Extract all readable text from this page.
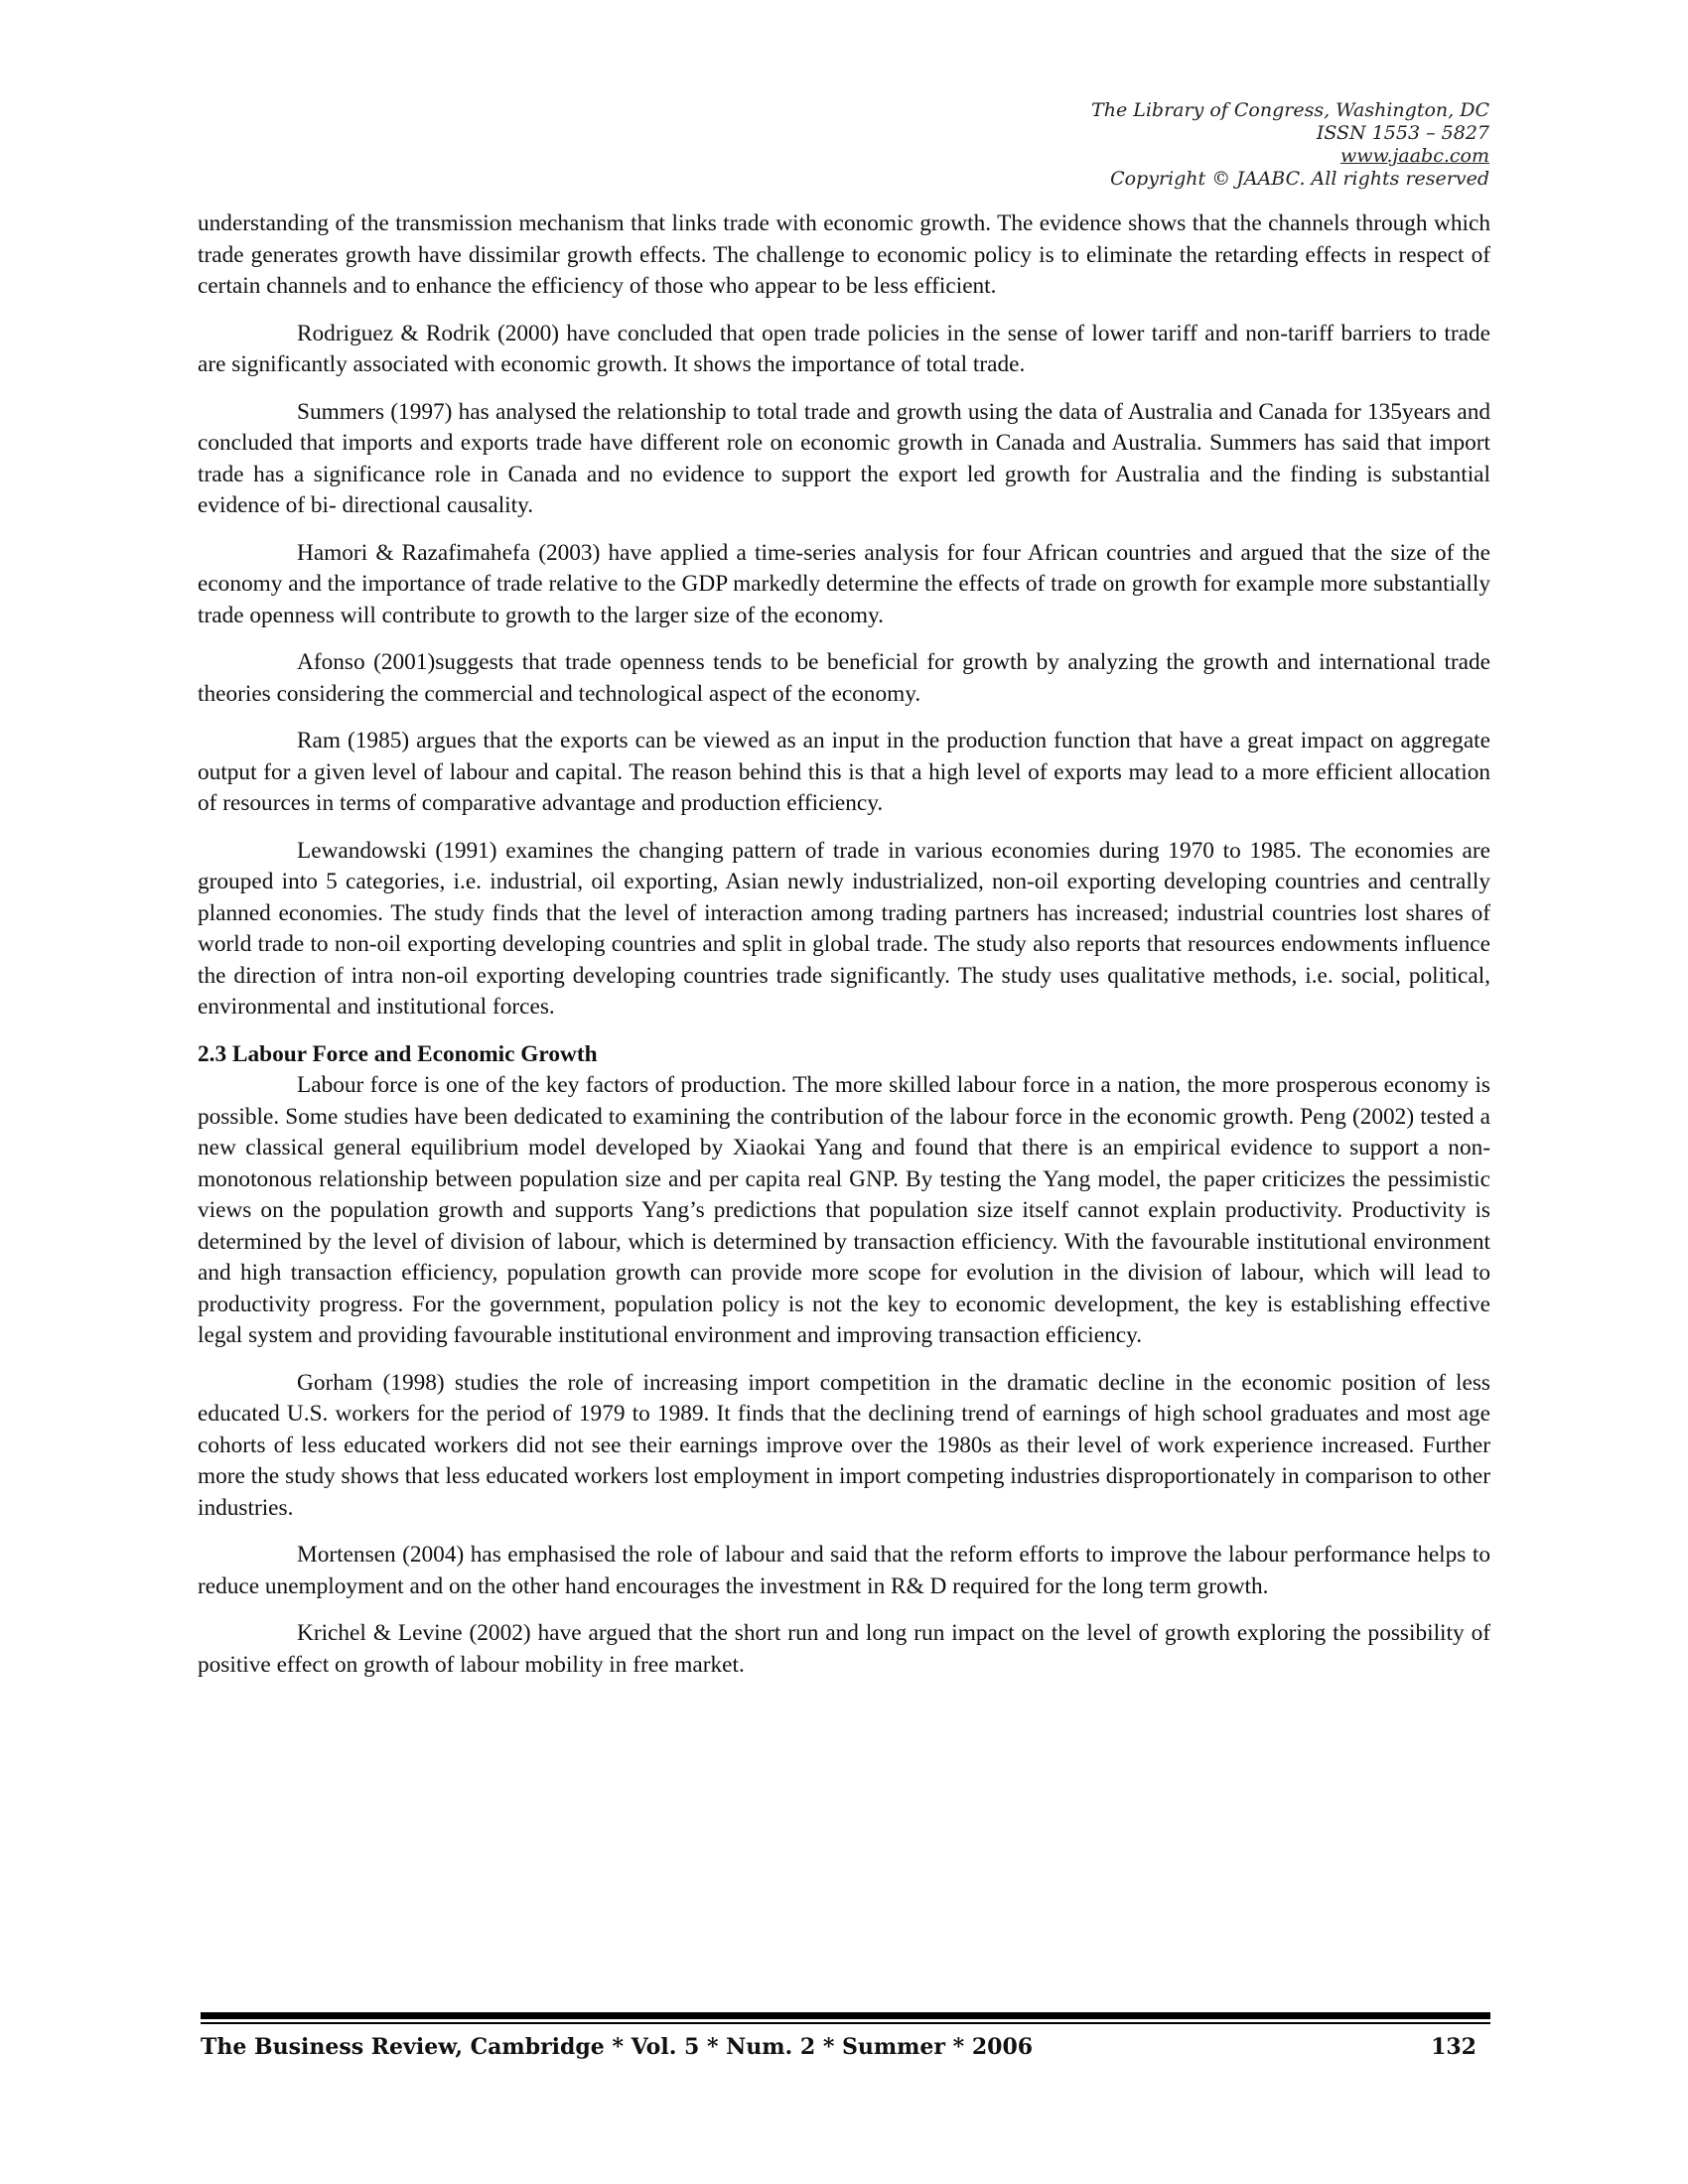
The Library of Congress, Washington, DC
ISSN 1553 – 5827
www.jaabc.com
Copyright © JAABC. All rights reserved

understanding of the transmission mechanism that links trade with economic growth. The evidence shows that the channels through which trade generates growth have dissimilar growth effects. The challenge to economic policy is to eliminate the retarding effects in respect of certain channels and to enhance the efficiency of those who appear to be less efficient.

Rodriguez & Rodrik (2000) have concluded that open trade policies in the sense of lower tariff and non-tariff barriers to trade are significantly associated with economic growth. It shows the importance of total trade.

Summers (1997) has analysed the relationship to total trade and growth using the data of Australia and Canada for 135years and concluded that imports and exports trade have different role on economic growth in Canada and Australia. Summers has said that import trade has a significance role in Canada and no evidence to support the export led growth for Australia and the finding is substantial evidence of bi- directional causality.

Hamori & Razafimahefa (2003) have applied a time-series analysis for four African countries and argued that the size of the economy and the importance of trade relative to the GDP markedly determine the effects of trade on growth for example more substantially trade openness will contribute to growth to the larger size of the economy.

Afonso (2001)suggests that trade openness tends to be beneficial for growth by analyzing the growth and international trade theories considering the commercial and technological aspect of the economy.

Ram (1985) argues that the exports can be viewed as an input in the production function that have a great impact on aggregate output for a given level of labour and capital. The reason behind this is that a high level of exports may lead to a more efficient allocation of resources in terms of comparative advantage and production efficiency.

Lewandowski (1991) examines the changing pattern of trade in various economies during 1970 to 1985. The economies are grouped into 5 categories, i.e. industrial, oil exporting, Asian newly industrialized, non-oil exporting developing countries and centrally planned economies. The study finds that the level of interaction among trading partners has increased; industrial countries lost shares of world trade to non-oil exporting developing countries and split in global trade. The study also reports that resources endowments influence the direction of intra non-oil exporting developing countries trade significantly. The study uses qualitative methods, i.e. social, political, environmental and institutional forces.

2.3 Labour Force and Economic Growth

Labour force is one of the key factors of production. The more skilled labour force in a nation, the more prosperous economy is possible. Some studies have been dedicated to examining the contribution of the labour force in the economic growth. Peng (2002) tested a new classical general equilibrium model developed by Xiaokai Yang and found that there is an empirical evidence to support a non-monotonous relationship between population size and per capita real GNP. By testing the Yang model, the paper criticizes the pessimistic views on the population growth and supports Yang’s predictions that population size itself cannot explain productivity. Productivity is determined by the level of division of labour, which is determined by transaction efficiency. With the favourable institutional environment and high transaction efficiency, population growth can provide more scope for evolution in the division of labour, which will lead to productivity progress. For the government, population policy is not the key to economic development, the key is establishing effective legal system and providing favourable institutional environment and improving transaction efficiency.

Gorham (1998) studies the role of increasing import competition in the dramatic decline in the economic position of less educated U.S. workers for the period of 1979 to 1989. It finds that the declining trend of earnings of high school graduates and most age cohorts of less educated workers did not see their earnings improve over the 1980s as their level of work experience increased. Further more the study shows that less educated workers lost employment in import competing industries disproportionately in comparison to other industries.

Mortensen (2004) has emphasised the role of labour and said that the reform efforts to improve the labour performance helps to reduce unemployment and on the other hand encourages the investment in R& D required for the long term growth.

Krichel & Levine (2002) have argued that the short run and long run impact on the level of growth exploring the possibility of positive effect on growth of labour mobility in free market.

The Business Review, Cambridge * Vol. 5 * Num. 2 * Summer * 2006	132
